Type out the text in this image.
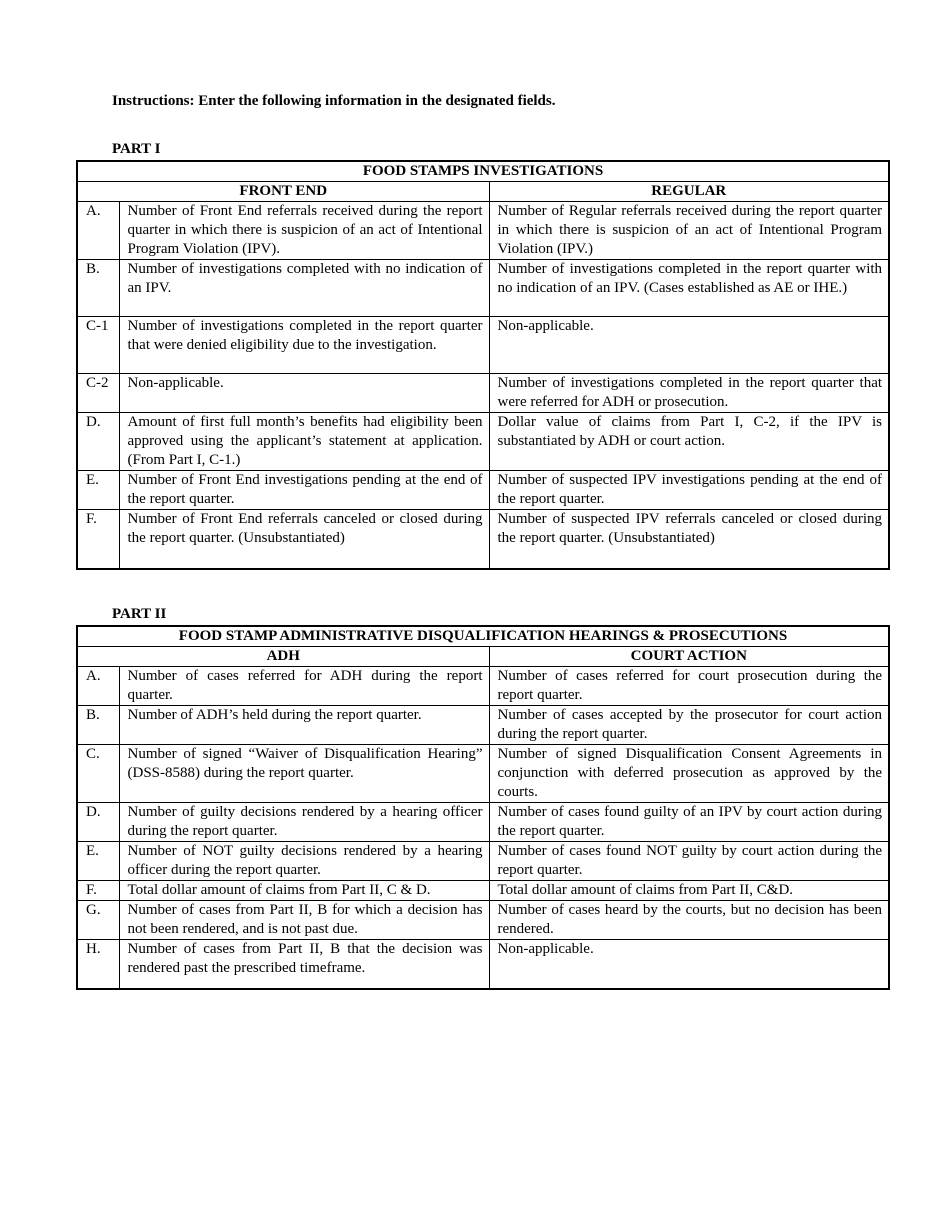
Instructions: Enter the following information in the designated fields.
PART I
FOOD STAMPS INVESTIGATIONS		
FRONT END		REGULAR
A.	Number of Front End referrals received during the report quarter in which there is suspicion of an act of Intentional Program Violation (IPV).	Number of Regular referrals received during the report quarter in which there is suspicion of an act of Intentional Program Violation (IPV.)
B.	Number of investigations completed with no indication of an IPV.	Number of investigations completed in the report quarter with no indication of an IPV. (Cases established as AE or IHE.)
C-1	Number of investigations completed in the report quarter that were denied eligibility due to the investigation.	Non-applicable.
C-2	Non-applicable.	Number of investigations completed in the report quarter that were referred for ADH or prosecution.
D.	Amount of first full month’s benefits had eligibility been approved using the applicant’s statement at application. (From Part I, C-1.)	Dollar value of claims from Part I, C-2, if the IPV is substantiated by ADH or court action.
E.	Number of Front End investigations pending at the end of the report quarter.	Number of suspected IPV investigations pending at the end of the report quarter.
F.	Number of Front End referrals canceled or closed during the report quarter. (Unsubstantiated)	Number of suspected IPV referrals canceled or closed during the report quarter. (Unsubstantiated)
PART II
FOOD STAMP ADMINISTRATIVE DISQUALIFICATION HEARINGS & PROSECUTIONS		
ADH		COURT ACTION
A.	Number of cases referred for ADH during the report quarter.	Number of cases referred for court prosecution during the report quarter.
B.	Number of ADH’s held during the report quarter.	Number of cases accepted by the prosecutor for court action during the report quarter.
C.	Number of signed “Waiver of Disqualification Hearing” (DSS-8588) during the report quarter.	Number of signed Disqualification Consent Agreements in conjunction with deferred prosecution as approved by the courts.
D.	Number of guilty decisions rendered by a hearing officer during the report quarter.	Number of cases found guilty of an IPV by court action during the report quarter.
E.	Number of NOT guilty decisions rendered by a hearing officer during the report quarter.	Number of cases found NOT guilty by court action during the report quarter.
F.	Total dollar amount of claims from Part II, C & D.	Total dollar amount of claims from Part II, C&D.
G.	Number of cases from Part II, B for which a decision has not been rendered, and is not past due.	Number of cases heard by the courts, but no decision has been rendered.
H.	Number of cases from Part II, B that the decision was rendered past the prescribed timeframe.	Non-applicable.
